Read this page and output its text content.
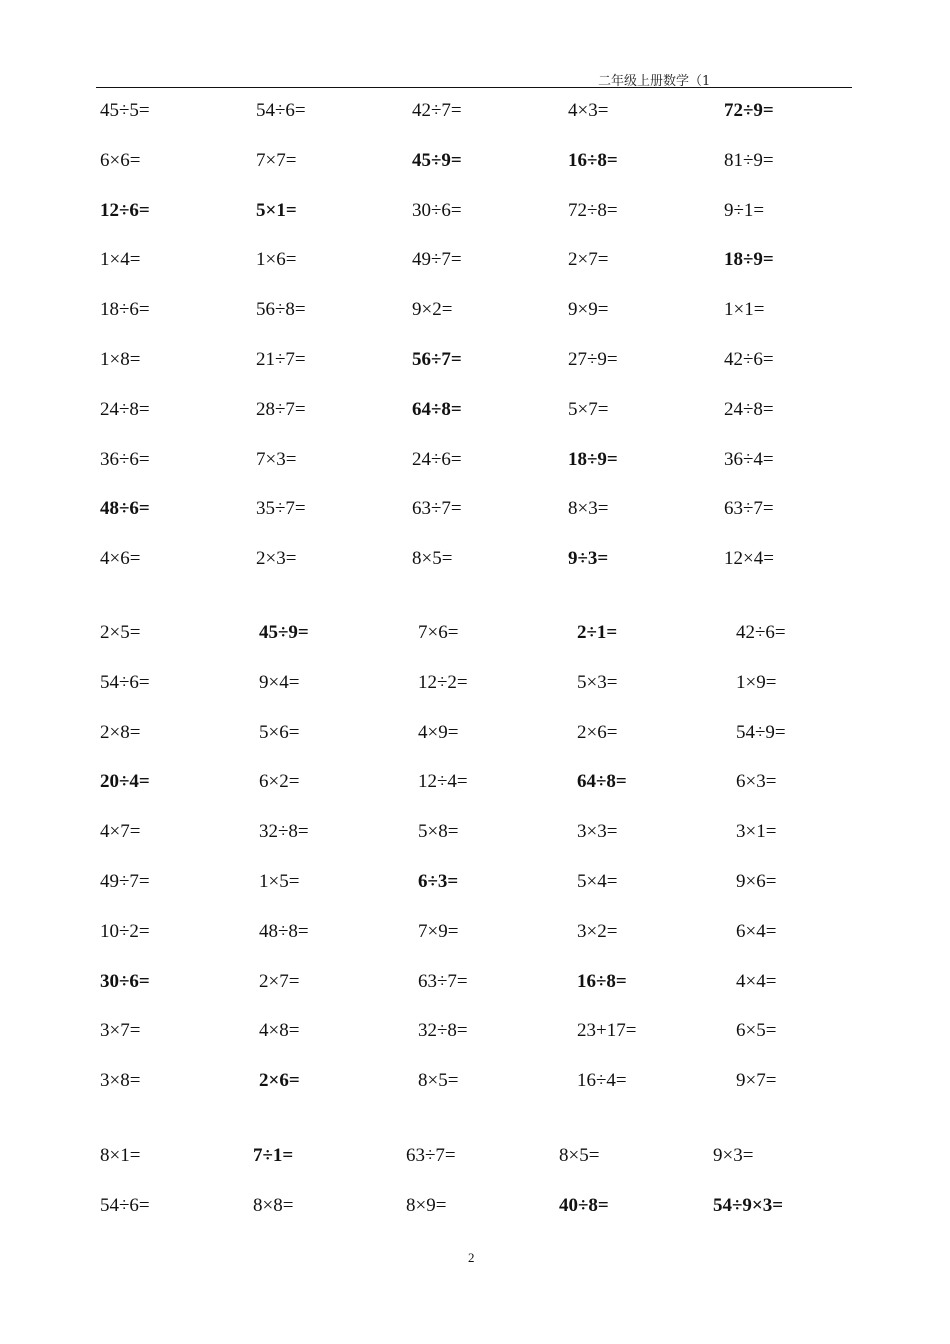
二年级上册数学（1
45÷5=	54÷6=	42÷7=	4×3=	72÷9=
6×6=	7×7=	45÷9=	16÷8=	81÷9=
12÷6=	5×1=	30÷6=	72÷8=	9÷1=
1×4=	1×6=	49÷7=	2×7=	18÷9=
18÷6=	56÷8=	9×2=	9×9=	1×1=
1×8=	21÷7=	56÷7=	27÷9=	42÷6=
24÷8=	28÷7=	64÷8=	5×7=	24÷8=
36÷6=	7×3=	24÷6=	18÷9=	36÷4=
48÷6=	35÷7=	63÷7=	8×3=	63÷7=
4×6=	2×3=	8×5=	9÷3=	12×4=
2×5=	45÷9=	7×6=	2÷1=	42÷6=
54÷6=	9×4=	12÷2=	5×3=	1×9=
2×8=	5×6=	4×9=	2×6=	54÷9=
20÷4=	6×2=	12÷4=	64÷8=	6×3=
4×7=	32÷8=	5×8=	3×3=	3×1=
49÷7=	1×5=	6÷3=	5×4=	9×6=
10÷2=	48÷8=	7×9=	3×2=	6×4=
30÷6=	2×7=	63÷7=	16÷8=	4×4=
3×7=	4×8=	32÷8=	23+17=	6×5=
3×8=	2×6=	8×5=	16÷4=	9×7=
8×1=	7÷1=	63÷7=	8×5=	9×3=
54÷6=	8×8=	8×9=	40÷8=	54÷9×3=
2
